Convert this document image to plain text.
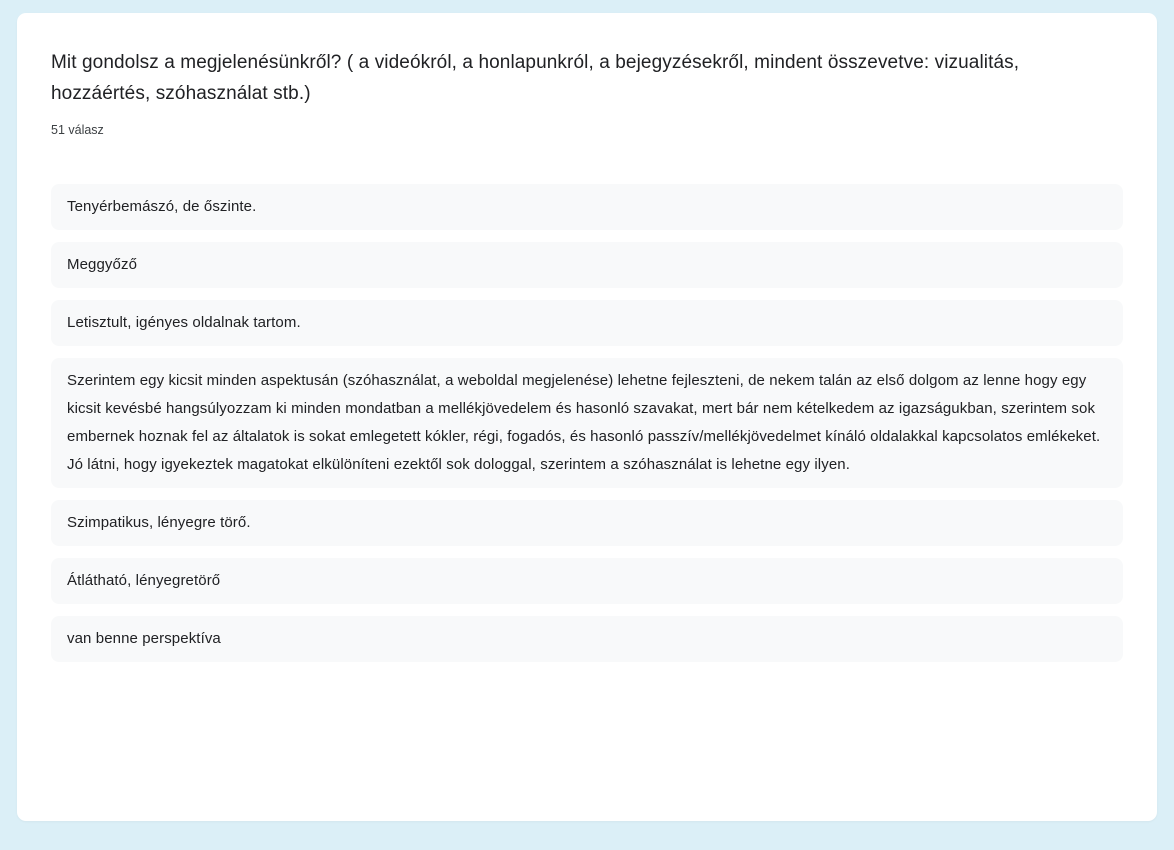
Mit gondolsz a megjelenésünkről? ( a videókról, a honlapunkról, a bejegyzésekről, mindent összevetve: vizualitás, hozzáértés, szóhasználat stb.)
51 válasz
Tenyérbemászó, de őszinte.
Meggyőző
Letisztult, igényes oldalnak tartom.
Szerintem egy kicsit minden aspektusán (szóhasználat, a weboldal megjelenése) lehetne fejleszteni, de nekem talán az első dolgom az lenne hogy egy kicsit kevésbé hangsúlyozzam ki minden mondatban a mellékjövedelem és hasonló szavakat, mert bár nem kételkedem az igazságukban, szerintem sok embernek hoznak fel az általatok is sokat emlegetett kókler, régi, fogadós, és hasonló passzív/mellékjövedelmet kínáló oldalakkal kapcsolatos emlékeket. Jó látni, hogy igyekeztek magatokat elkülöníteni ezektől sok dologgal, szerintem a szóhasználat is lehetne egy ilyen.
Szimpatikus, lényegre törő.
Átlátható, lényegretörő
van benne perspektíva
